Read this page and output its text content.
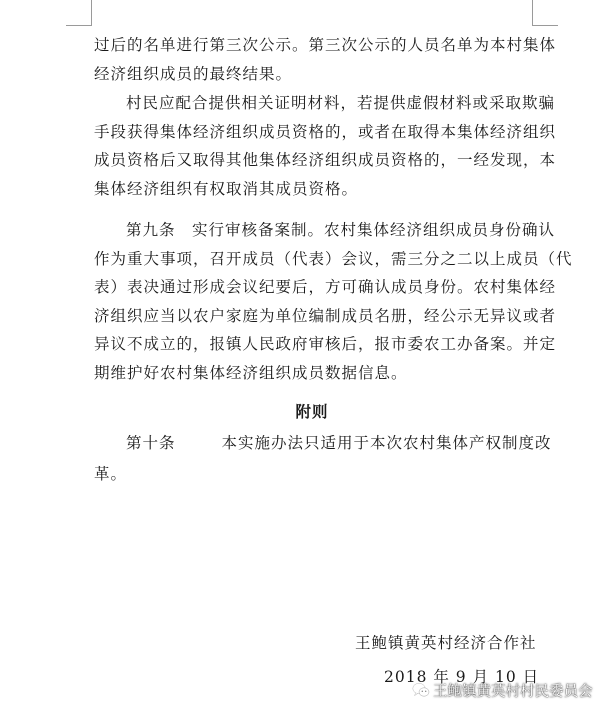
过后的名单进行第三次公示。第三次公示的人员名单为本村集体
经济组织成员的最终结果。
村民应配合提供相关证明材料，若提供虚假材料或采取欺骗
手段获得集体经济组织成员资格的，或者在取得本集体经济组织
成员资格后又取得其他集体经济组织成员资格的，一经发现，本
集体经济组织有权取消其成员资格。
第九条　实行审核备案制。农村集体经济组织成员身份确认
作为重大事项，召开成员（代表）会议，需三分之二以上成员（代
表）表决通过形成会议纪要后，方可确认成员身份。农村集体经
济组织应当以农户家庭为单位编制成员名册，经公示无异议或者
异议不成立的，报镇人民政府审核后，报市委农工办备案。并定
期维护好农村集体经济组织成员数据信息。
附则
第十条	本实施办法只适用于本次农村集体产权制度改
革。
王鲍镇黄英村经济合作社
2018 年 9 月 10 日
王鲍镇黄英村村民委员会
